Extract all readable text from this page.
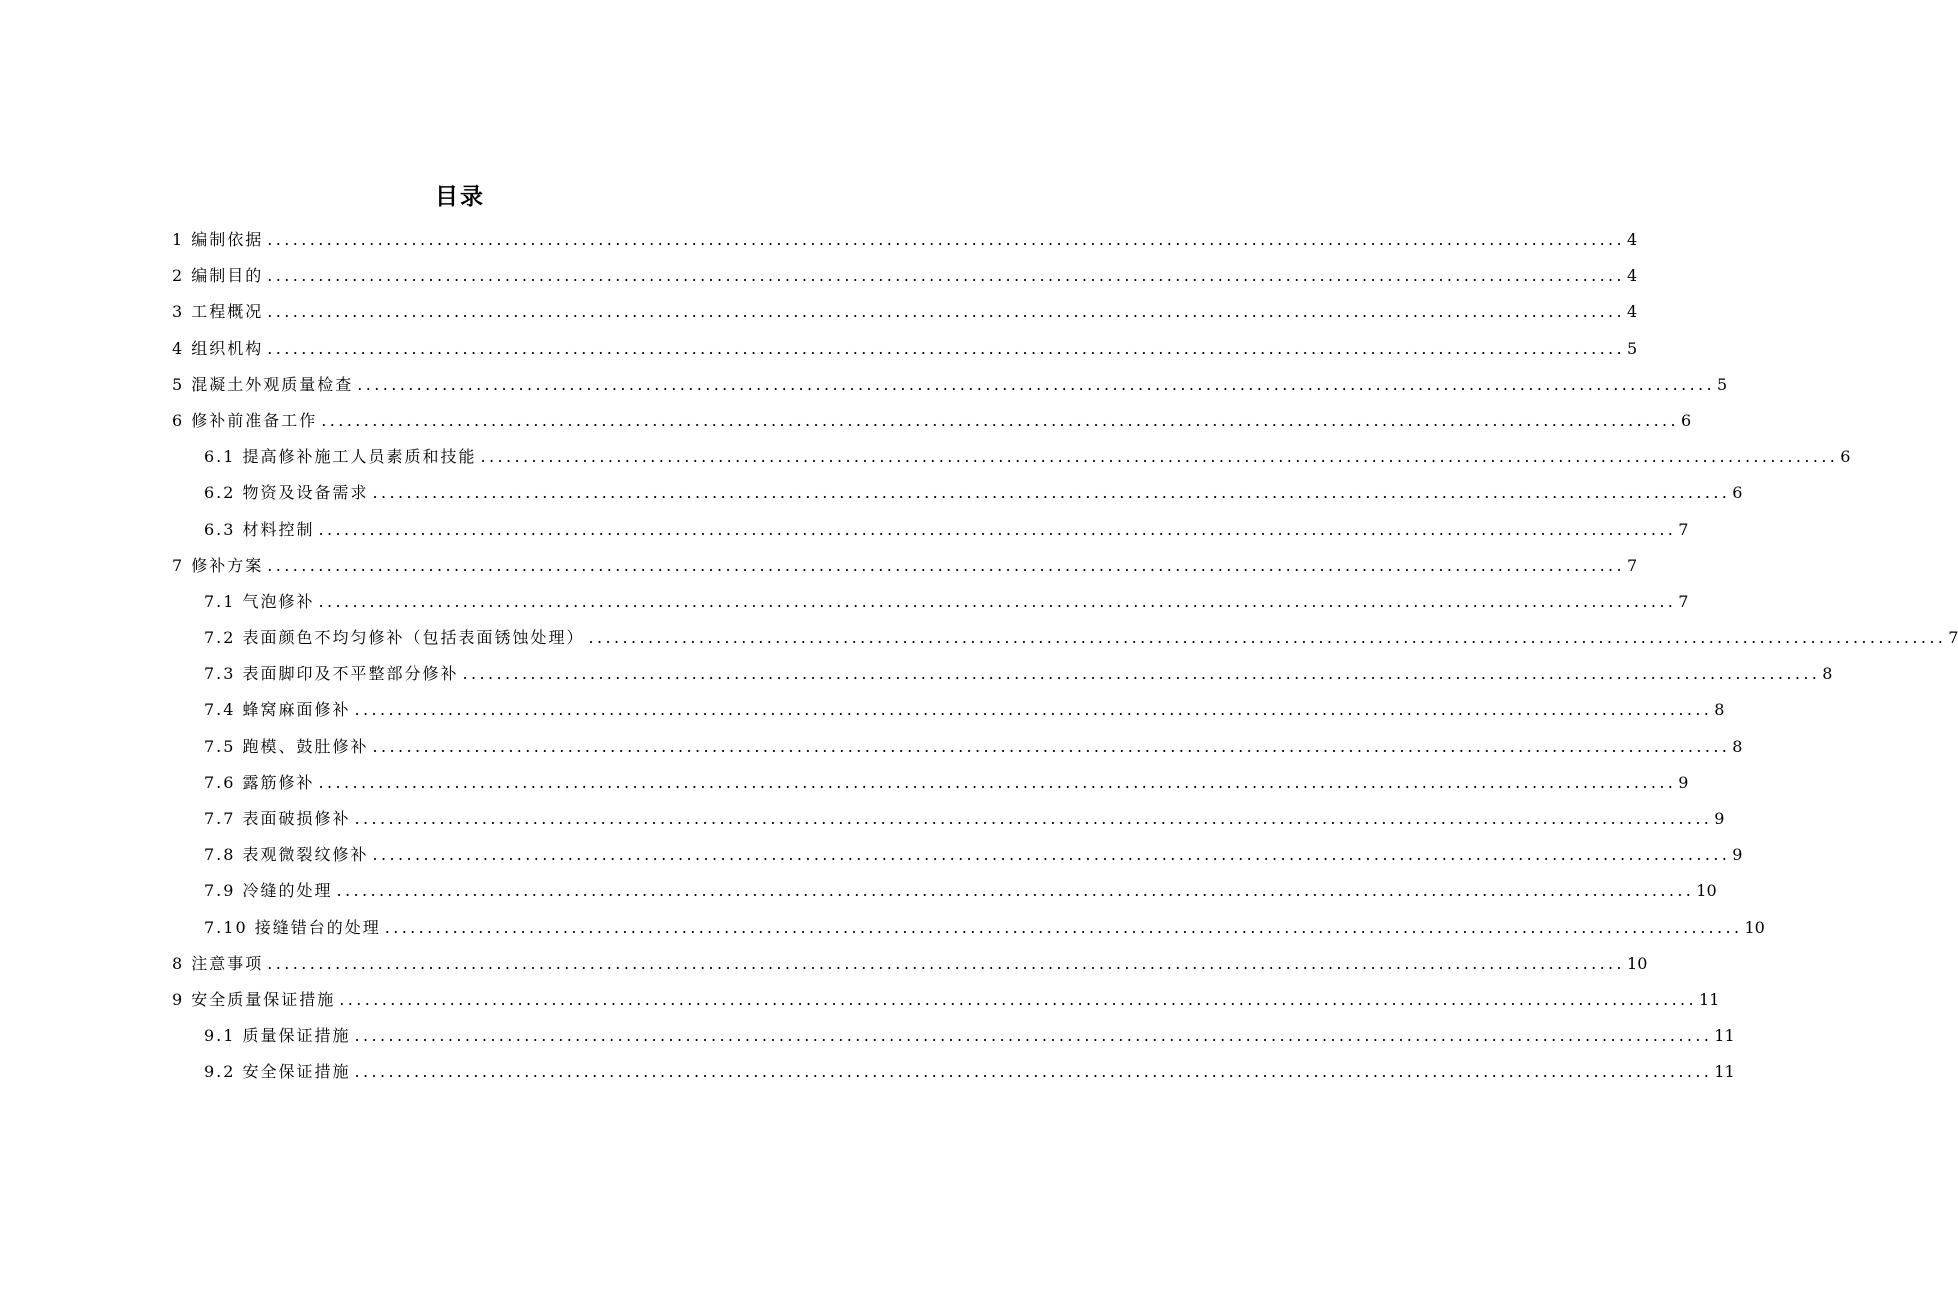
目录
1 编制依据 ................................................................................................................................................................ 4
2 编制目的 ................................................................................................................................................................ 4
3 工程概况 ................................................................................................................................................................ 4
4 组织机构 ................................................................................................................................................................ 5
5 混凝土外观质量检查 ................................................................................................................................................................ 5
6 修补前准备工作 ................................................................................................................................................................ 6
6.1 提高修补施工人员素质和技能 ................................................................................................................................................................ 6
6.2 物资及设备需求 ................................................................................................................................................................ 6
6.3 材料控制 ................................................................................................................................................................ 7
7 修补方案 ................................................................................................................................................................ 7
7.1 气泡修补 ................................................................................................................................................................ 7
7.2 表面颜色不均匀修补（包括表面锈蚀处理） ................................................................................................................................................................ 7
7.3 表面脚印及不平整部分修补 ................................................................................................................................................................ 8
7.4 蜂窝麻面修补 ................................................................................................................................................................ 8
7.5 跑模、鼓肚修补 ................................................................................................................................................................ 8
7.6 露筋修补 ................................................................................................................................................................ 9
7.7 表面破损修补 ................................................................................................................................................................ 9
7.8 表观微裂纹修补 ................................................................................................................................................................ 9
7.9 冷缝的处理 ................................................................................................................................................................ 10
7.10 接缝错台的处理 ................................................................................................................................................................ 10
8 注意事项 ................................................................................................................................................................ 10
9 安全质量保证措施 ................................................................................................................................................................ 11
9.1 质量保证措施 ................................................................................................................................................................ 11
9.2 安全保证措施 ................................................................................................................................................................ 11
